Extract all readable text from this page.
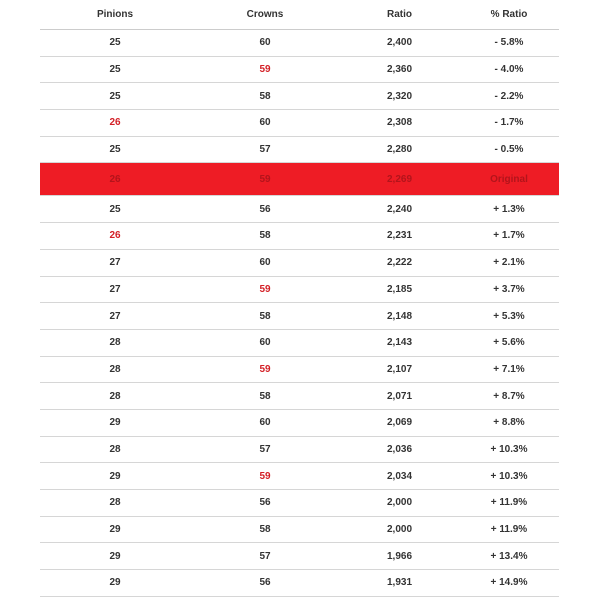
Pinions	Crowns	Ratio	% Ratio
25	60	2,400	- 5.8%
25	59	2,360	- 4.0%
25	58	2,320	- 2.2%
26	60	2,308	- 1.7%
25	57	2,280	- 0.5%
26	59	2,269	Original
25	56	2,240	+ 1.3%
26	58	2,231	+ 1.7%
27	60	2,222	+ 2.1%
27	59	2,185	+ 3.7%
27	58	2,148	+ 5.3%
28	60	2,143	+ 5.6%
28	59	2,107	+ 7.1%
28	58	2,071	+ 8.7%
29	60	2,069	+ 8.8%
28	57	2,036	+ 10.3%
29	59	2,034	+ 10.3%
28	56	2,000	+ 11.9%
29	58	2,000	+ 11.9%
29	57	1,966	+ 13.4%
29	56	1,931	+ 14.9%
